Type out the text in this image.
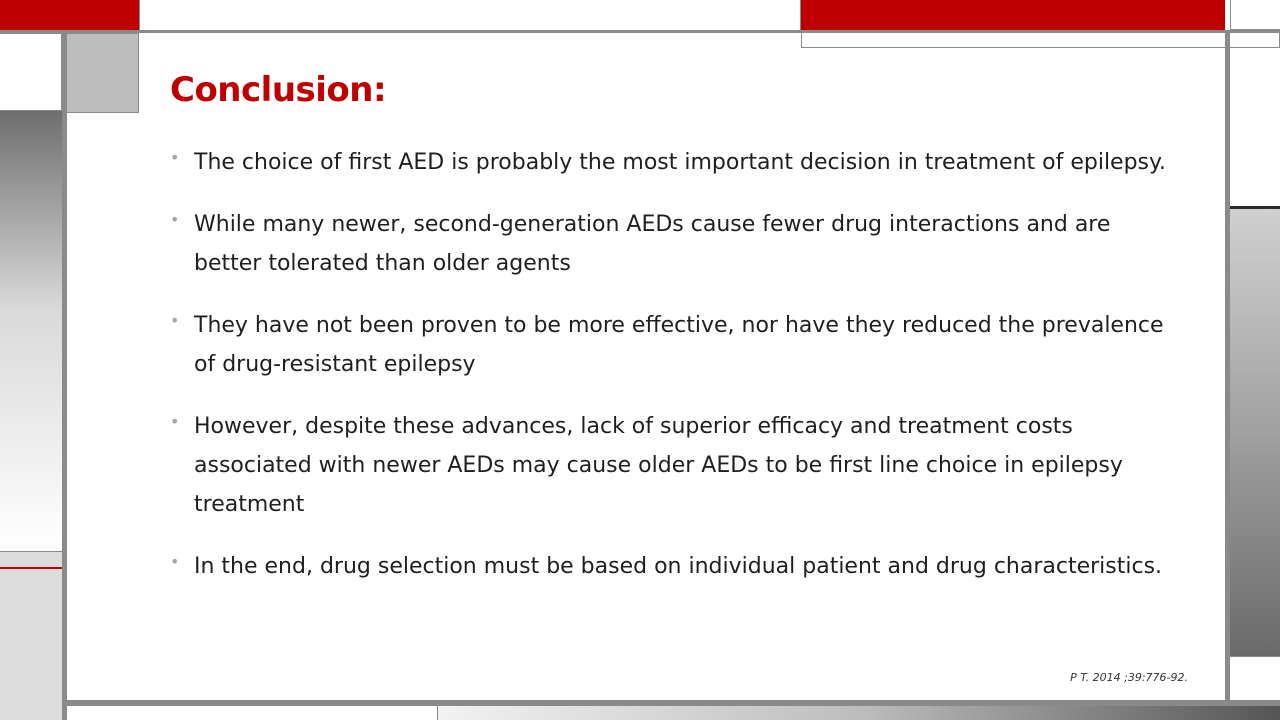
Conclusion:
• The choice of first AED is probably the most important decision in treatment of epilepsy.
• While many newer, second-generation AEDs cause fewer drug interactions and are better tolerated than older agents
• They have not been proven to be more effective, nor have they reduced the prevalence of drug-resistant epilepsy
• However, despite these advances, lack of superior efficacy and treatment costs associated with newer AEDs may cause older AEDs to be first line choice in epilepsy treatment
• In the end, drug selection must be based on individual patient and drug characteristics.
P T. 2014 ;39:776-92.
